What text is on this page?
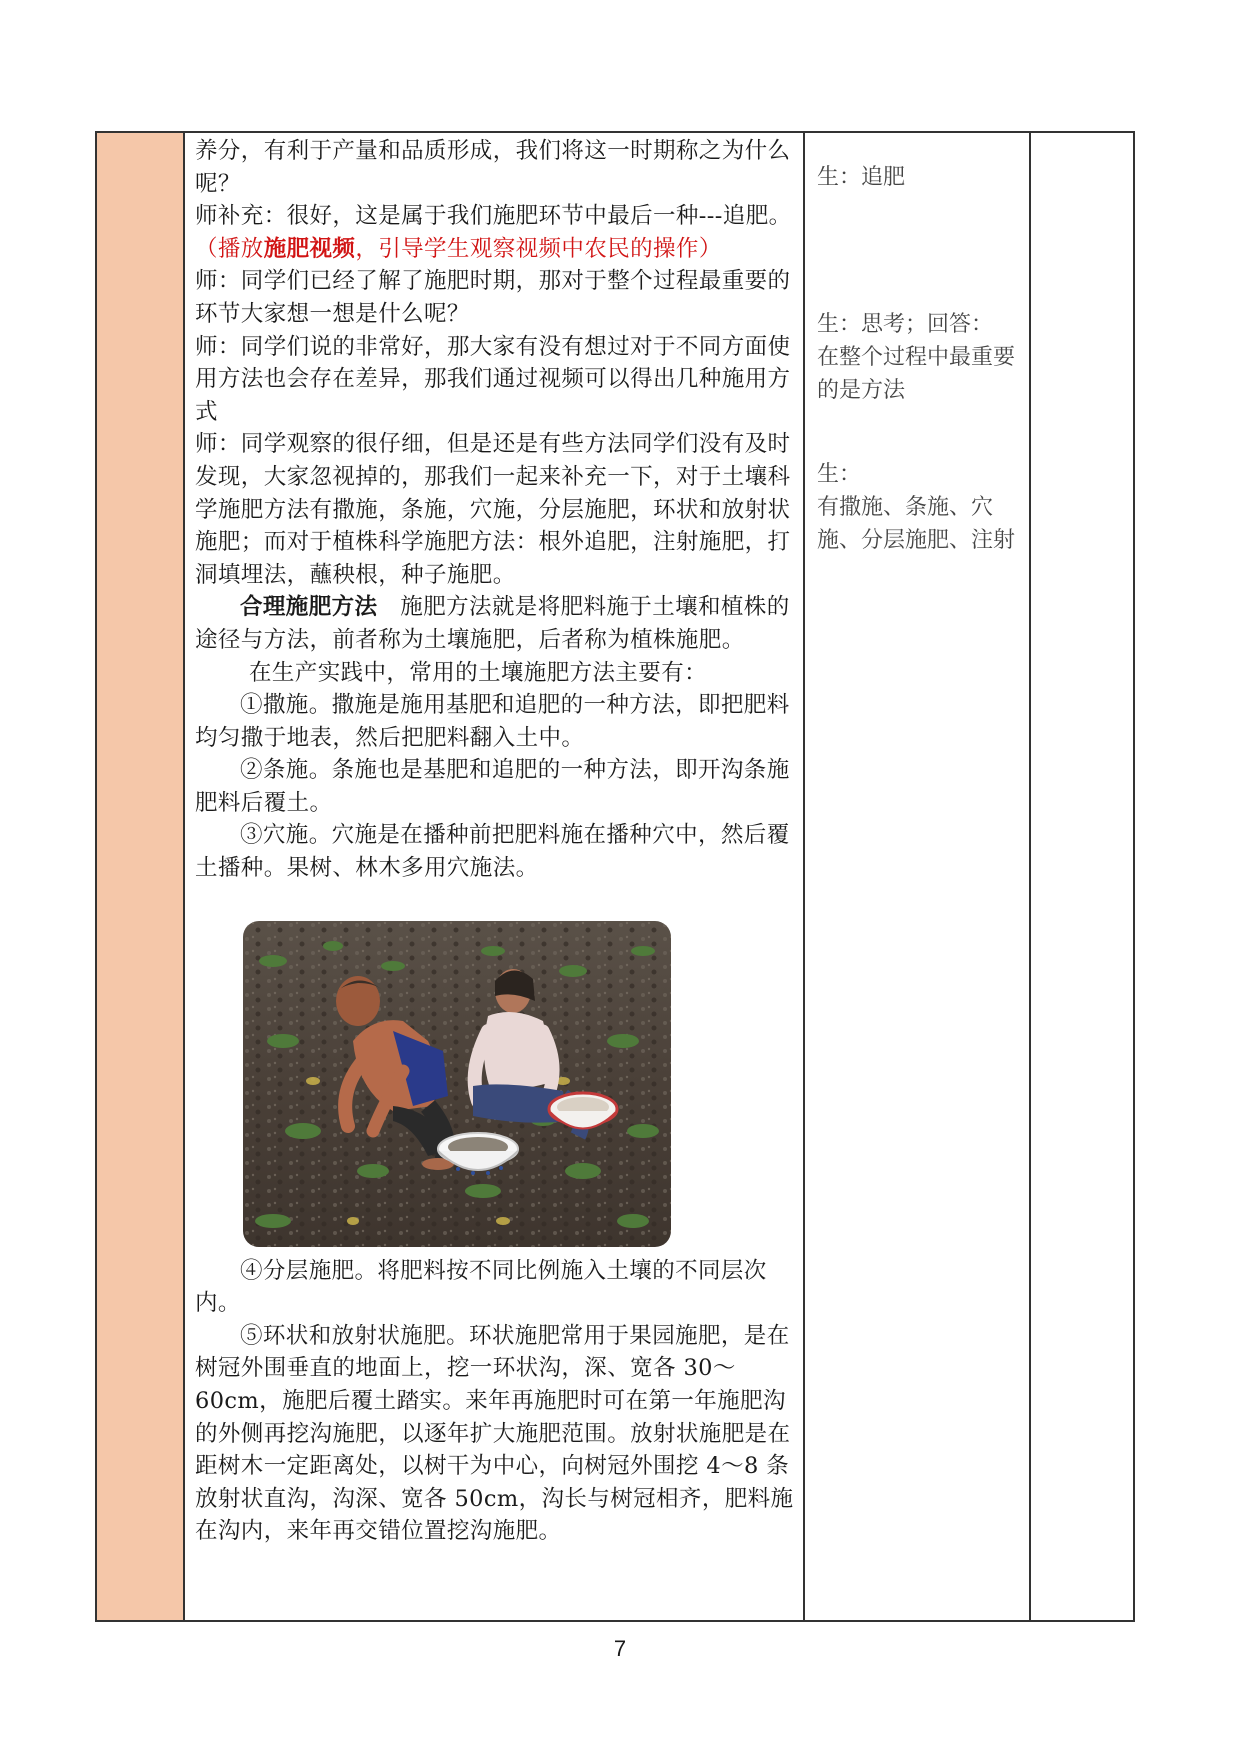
养分，有利于产量和品质形成，我们将这一时期称之为什么呢？

师补充：很好，这是属于我们施肥环节中最后一种---追肥。

（播放施肥视频，引导学生观察视频中农民的操作）

师：同学们已经了解了施肥时期，那对于整个过程最重要的环节大家想一想是什么呢？

师：同学们说的非常好，那大家有没有想过对于不同方面使用方法也会存在差异，那我们通过视频可以得出几种施用方式

师：同学观察的很仔细，但是还是有些方法同学们没有及时发现，大家忽视掉的，那我们一起来补充一下，对于土壤科学施肥方法有撒施，条施，穴施，分层施肥，环状和放射状施肥；而对于植株科学施肥方法：根外追肥，注射施肥，打洞填埋法，蘸秧根，种子施肥。

合理施肥方法　施肥方法就是将肥料施于土壤和植株的途径与方法，前者称为土壤施肥，后者称为植株施肥。

在生产实践中，常用的土壤施肥方法主要有：

①撒施。撒施是施用基肥和追肥的一种方法，即把肥料均匀撒于地表，然后把肥料翻入土中。

②条施。条施也是基肥和追肥的一种方法，即开沟条施肥料后覆土。

③穴施。穴施是在播种前把肥料施在播种穴中，然后覆土播种。果树、林木多用穴施法。

④分层施肥。将肥料按不同比例施入土壤的不同层次内。

⑤环状和放射状施肥。环状施肥常用于果园施肥，是在树冠外围垂直的地面上，挖一环状沟，深、宽各 30～60cm，施肥后覆土踏实。来年再施肥时可在第一年施肥沟的外侧再挖沟施肥，以逐年扩大施肥范围。放射状施肥是在距树木一定距离处，以树干为中心，向树冠外围挖 4～8 条放射状直沟，沟深、宽各 50cm，沟长与树冠相齐，肥料施在沟内，来年再交错位置挖沟施肥。

生：追肥
生：思考；回答：
在整个过程中最重要的是方法
生：
有撒施、条施、穴施、分层施肥、注射
7
